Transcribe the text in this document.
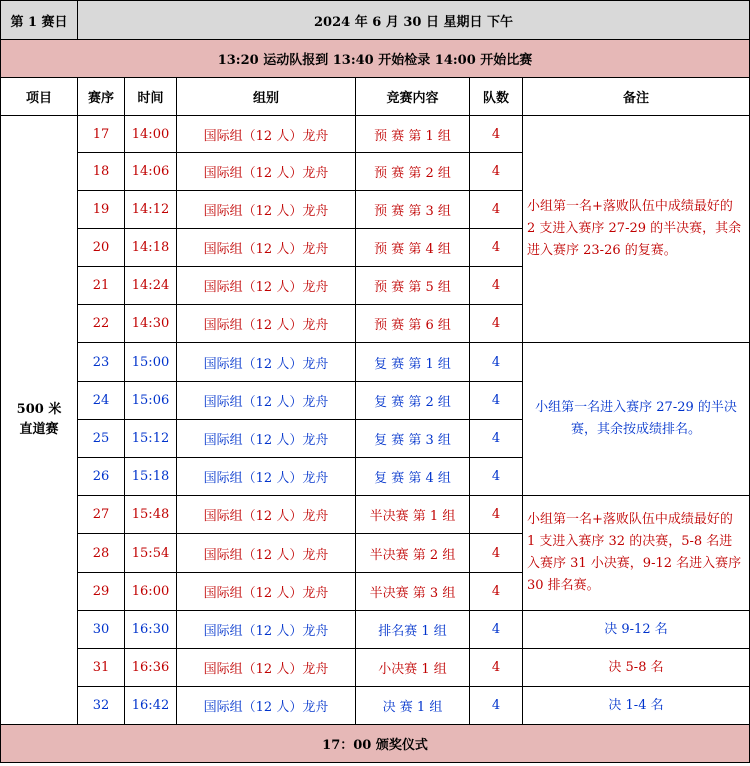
第 1 赛日	2024 年 6 月 30 日 星期日 下午					
13:20 运动队报到 13:40 开始检录 14:00 开始比赛						
项目	赛序	时间	组别	竞赛内容	队数	备注
500 米
直道赛	17	14:00	国际组（12 人）龙舟	预 赛 第 1 组	4	小组第一名+落败队伍中成绩最好的 2 支进入赛序 27-29 的半决赛，其余进入赛序 23-26 的复赛。
	18	14:06	国际组（12 人）龙舟	预 赛 第 2 组	4	
	19	14:12	国际组（12 人）龙舟	预 赛 第 3 组	4	
	20	14:18	国际组（12 人）龙舟	预 赛 第 4 组	4	
	21	14:24	国际组（12 人）龙舟	预 赛 第 5 组	4	
	22	14:30	国际组（12 人）龙舟	预 赛 第 6 组	4	
	23	15:00	国际组（12 人）龙舟	复 赛 第 1 组	4	小组第一名进入赛序 27-29 的半决赛，其余按成绩排名。
	24	15:06	国际组（12 人）龙舟	复 赛 第 2 组	4	
	25	15:12	国际组（12 人）龙舟	复 赛 第 3 组	4	
	26	15:18	国际组（12 人）龙舟	复 赛 第 4 组	4	
	27	15:48	国际组（12 人）龙舟	半决赛 第 1 组	4	小组第一名+落败队伍中成绩最好的 1 支进入赛序 32 的决赛，5-8 名进入赛序 31 小决赛，9-12 名进入赛序 30 排名赛。
	28	15:54	国际组（12 人）龙舟	半决赛 第 2 组	4	
	29	16:00	国际组（12 人）龙舟	半决赛 第 3 组	4	
	30	16:30	国际组（12 人）龙舟	排名赛 1 组	4	决 9-12 名
	31	16:36	国际组（12 人）龙舟	小决赛 1 组	4	决 5-8 名
	32	16:42	国际组（12 人）龙舟	决 赛 1 组	4	决 1-4 名
17：00 颁奖仪式						
